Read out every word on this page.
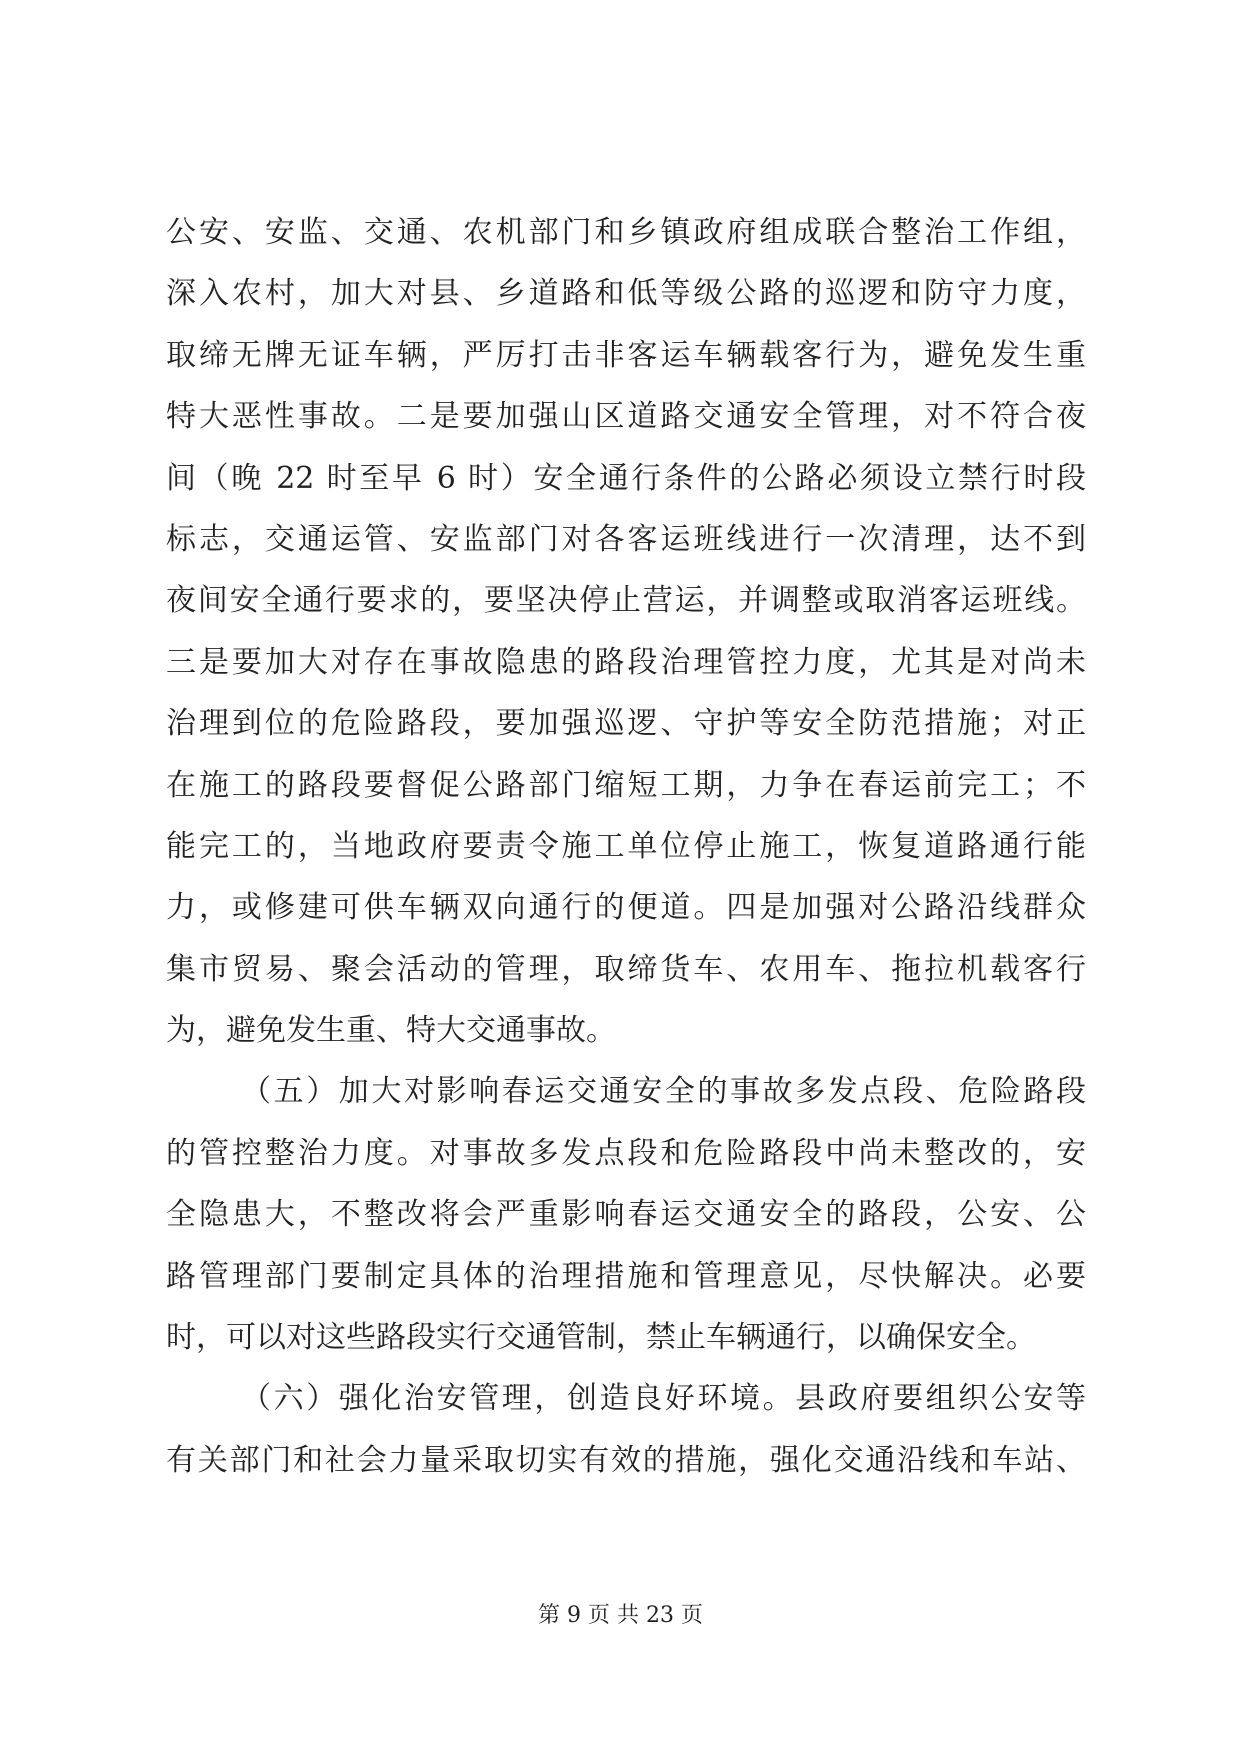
公安、安监、交通、农机部门和乡镇政府组成联合整治工作组，
深入农村，加大对县、乡道路和低等级公路的巡逻和防守力度，
取缔无牌无证车辆，严厉打击非客运车辆载客行为，避免发生重
特大恶性事故。二是要加强山区道路交通安全管理，对不符合夜
间（晚 22 时至早 6 时）安全通行条件的公路必须设立禁行时段
标志，交通运管、安监部门对各客运班线进行一次清理，达不到
夜间安全通行要求的，要坚决停止营运，并调整或取消客运班线。
三是要加大对存在事故隐患的路段治理管控力度，尤其是对尚未
治理到位的危险路段，要加强巡逻、守护等安全防范措施；对正
在施工的路段要督促公路部门缩短工期，力争在春运前完工；不
能完工的，当地政府要责令施工单位停止施工，恢复道路通行能
力，或修建可供车辆双向通行的便道。四是加强对公路沿线群众
集市贸易、聚会活动的管理，取缔货车、农用车、拖拉机载客行
为，避免发生重、特大交通事故。
（五）加大对影响春运交通安全的事故多发点段、危险路段
的管控整治力度。对事故多发点段和危险路段中尚未整改的，安
全隐患大，不整改将会严重影响春运交通安全的路段，公安、公
路管理部门要制定具体的治理措施和管理意见，尽快解决。必要
时，可以对这些路段实行交通管制，禁止车辆通行，以确保安全。
（六）强化治安管理，创造良好环境。县政府要组织公安等
有关部门和社会力量采取切实有效的措施，强化交通沿线和车站、
第 9 页 共 23 页
